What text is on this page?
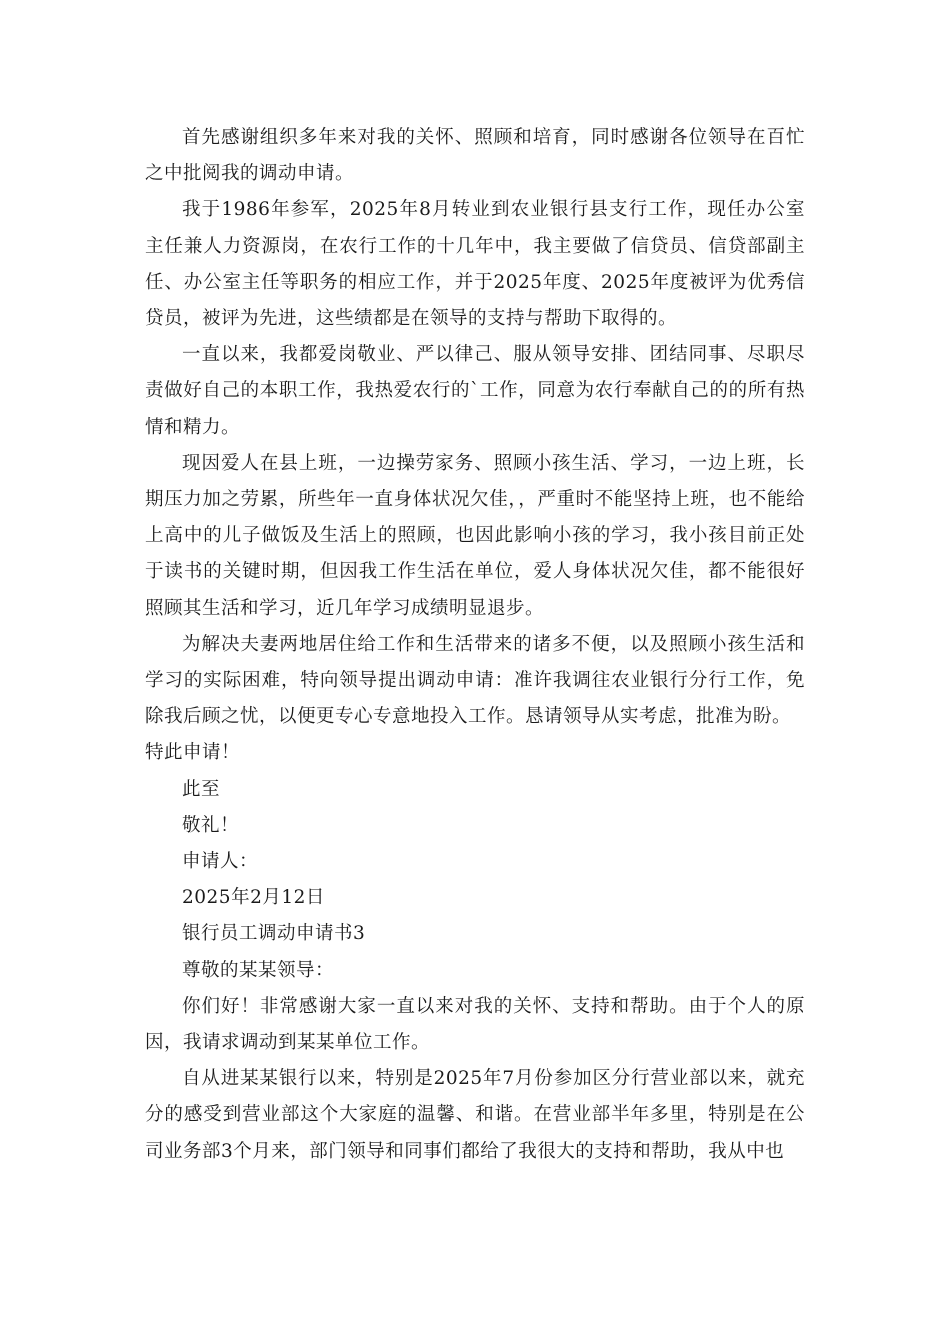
首先感谢组织多年来对我的关怀、照顾和培育，同时感谢各位领导在百忙之中批阅我的调动申请。

我于1986年参军，2025年8月转业到农业银行县支行工作，现任办公室主任兼人力资源岗，在农行工作的十几年中，我主要做了信贷员、信贷部副主任、办公室主任等职务的相应工作，并于2025年度、2025年度被评为优秀信贷员，被评为先进，这些绩都是在领导的支持与帮助下取得的。

一直以来，我都爱岗敬业、严以律己、服从领导安排、团结同事、尽职尽责做好自己的本职工作，我热爱农行的`工作，同意为农行奉献自己的的所有热情和精力。

现因爱人在县上班，一边操劳家务、照顾小孩生活、学习，一边上班，长期压力加之劳累，所些年一直身体状况欠佳，，严重时不能坚持上班，也不能给上高中的儿子做饭及生活上的照顾，也因此影响小孩的学习，我小孩目前正处于读书的关键时期，但因我工作生活在单位，爱人身体状况欠佳，都不能很好照顾其生活和学习，近几年学习成绩明显退步。

为解决夫妻两地居住给工作和生活带来的诸多不便，以及照顾小孩生活和学习的实际困难，特向领导提出调动申请：准许我调往农业银行分行工作，免除我后顾之忧，以便更专心专意地投入工作。恳请领导从实考虑，批准为盼。

特此申请！

此至

敬礼！

申请人：

2025年2月12日

银行员工调动申请书3

尊敬的某某领导：

你们好！非常感谢大家一直以来对我的关怀、支持和帮助。由于个人的原因，我请求调动到某某单位工作。

自从进某某银行以来，特别是2025年7月份参加区分行营业部以来，就充分的感受到营业部这个大家庭的温馨、和谐。在营业部半年多里，特别是在公司业务部3个月来，部门领导和同事们都给了我很大的支持和帮助，我从中也
